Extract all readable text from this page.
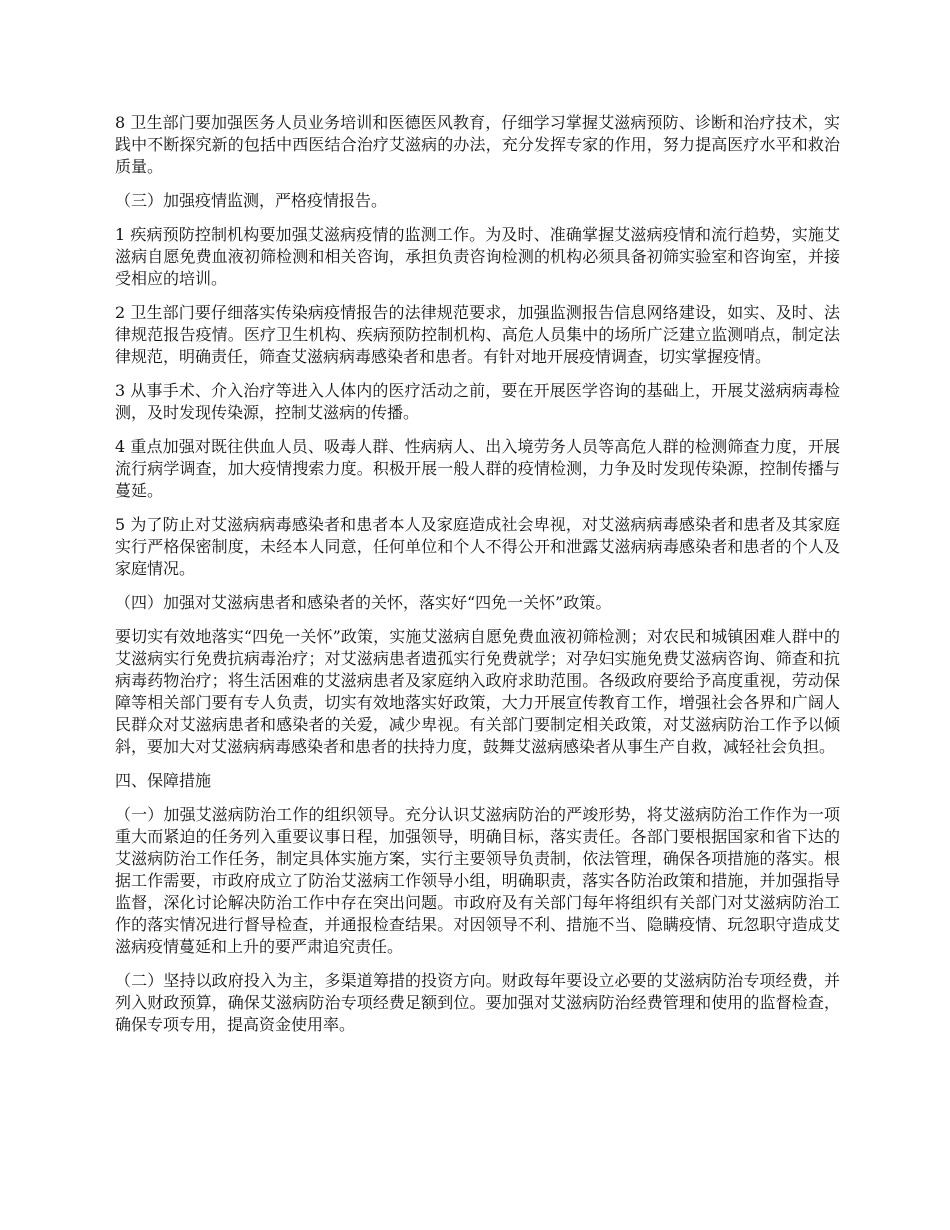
8 卫生部门要加强医务人员业务培训和医德医风教育，仔细学习掌握艾滋病预防、诊断和治疗技术，实践中不断探究新的包括中西医结合治疗艾滋病的办法，充分发挥专家的作用，努力提高医疗水平和救治质量。

（三）加强疫情监测，严格疫情报告。

1 疾病预防控制机构要加强艾滋病疫情的监测工作。为及时、准确掌握艾滋病疫情和流行趋势，实施艾滋病自愿免费血液初筛检测和相关咨询，承担负责咨询检测的机构必须具备初筛实验室和咨询室，并接受相应的培训。

2 卫生部门要仔细落实传染病疫情报告的法律规范要求，加强监测报告信息网络建设，如实、及时、法律规范报告疫情。医疗卫生机构、疾病预防控制机构、高危人员集中的场所广泛建立监测哨点，制定法律规范，明确责任，筛查艾滋病病毒感染者和患者。有针对地开展疫情调查，切实掌握疫情。

3 从事手术、介入治疗等进入人体内的医疗活动之前，要在开展医学咨询的基础上，开展艾滋病病毒检测，及时发现传染源，控制艾滋病的传播。

4 重点加强对既往供血人员、吸毒人群、性病病人、出入境劳务人员等高危人群的检测筛查力度，开展流行病学调查，加大疫情搜索力度。积极开展一般人群的疫情检测，力争及时发现传染源，控制传播与蔓延。

5 为了防止对艾滋病病毒感染者和患者本人及家庭造成社会卑视，对艾滋病病毒感染者和患者及其家庭实行严格保密制度，未经本人同意，任何单位和个人不得公开和泄露艾滋病病毒感染者和患者的个人及家庭情况。

（四）加强对艾滋病患者和感染者的关怀，落实好“四免一关怀”政策。

要切实有效地落实“四免一关怀”政策，实施艾滋病自愿免费血液初筛检测；对农民和城镇困难人群中的艾滋病实行免费抗病毒治疗；对艾滋病患者遗孤实行免费就学；对孕妇实施免费艾滋病咨询、筛查和抗病毒药物治疗；将生活困难的艾滋病患者及家庭纳入政府求助范围。各级政府要给予高度重视，劳动保障等相关部门要有专人负责，切实有效地落实好政策，大力开展宣传教育工作，增强社会各界和广阔人民群众对艾滋病患者和感染者的关爱，减少卑视。有关部门要制定相关政策，对艾滋病防治工作予以倾斜，要加大对艾滋病病毒感染者和患者的扶持力度，鼓舞艾滋病感染者从事生产自救，减轻社会负担。

四、保障措施

（一）加强艾滋病防治工作的组织领导。充分认识艾滋病防治的严竣形势，将艾滋病防治工作作为一项重大而紧迫的任务列入重要议事日程，加强领导，明确目标，落实责任。各部门要根据国家和省下达的艾滋病防治工作任务，制定具体实施方案，实行主要领导负责制，依法管理，确保各项措施的落实。根据工作需要，市政府成立了防治艾滋病工作领导小组，明确职责，落实各防治政策和措施，并加强指导监督，深化讨论解决防治工作中存在突出问题。市政府及有关部门每年将组织有关部门对艾滋病防治工作的落实情况进行督导检查，并通报检查结果。对因领导不利、措施不当、隐瞒疫情、玩忽职守造成艾滋病疫情蔓延和上升的要严肃追究责任。

（二）坚持以政府投入为主，多渠道筹措的投资方向。财政每年要设立必要的艾滋病防治专项经费，并列入财政预算，确保艾滋病防治专项经费足额到位。要加强对艾滋病防治经费管理和使用的监督检查，确保专项专用，提高资金使用率。
